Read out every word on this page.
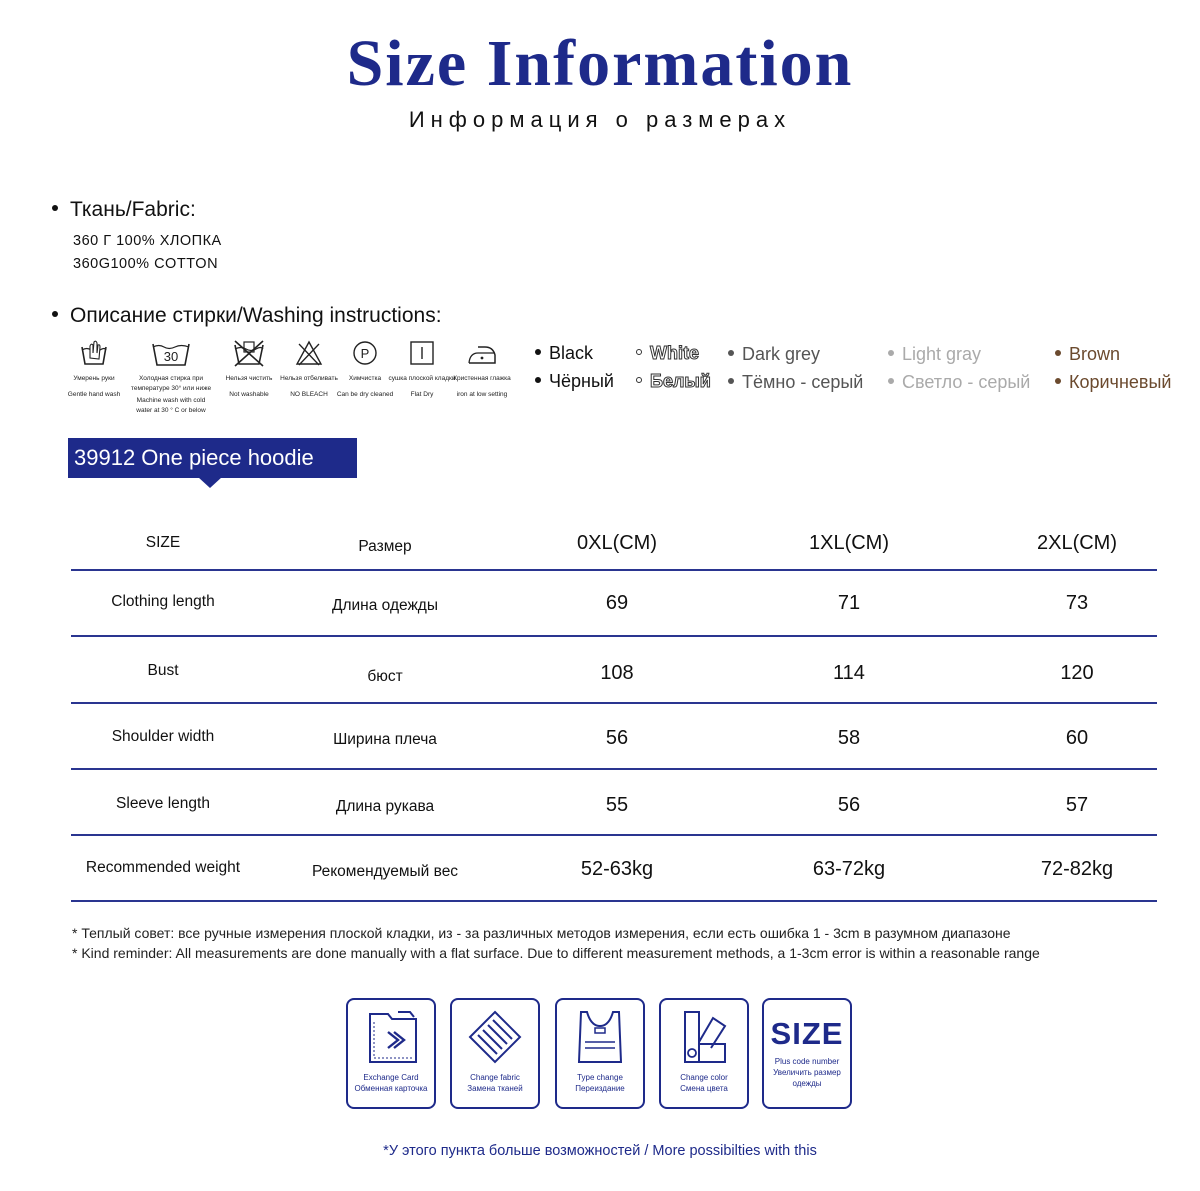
Size Information
Информация о размерах
Ткань/Fabric:
360 Г 100% ХЛОПКА
360G100% COTTON
Описание стирки/Washing instructions:
Умерень руки
Gentle hand wash
30
Холодная стирка при температуре 30° или ниже
Machine wash with cold water at 30 ° C or below
Нельзя чистить
Not washable
Нельзя отбеливать
NO BLEACH
P
Химчистка
Can be dry cleaned
сушка плоской кладки
Flat Dry
Кристенная глажка
iron at low setting
Black
Чёрный
White
Белый
Dark grey
Тёмно - серый
Light gray
Светло - серый
Brown
Коричневый
39912 One piece hoodie
SIZE	Размер	0XL(CM)	1XL(CM)	2XL(CM)
Clothing length	Длина одежды	69	71	73
Bust	бюст	108	114	120
Shoulder width	Ширина плеча	56	58	60
Sleeve length	Длина рукава	55	56	57
Recommended weight	Рекомендуемый вес	52-63kg	63-72kg	72-82kg
* Теплый совет: все ручные измерения плоской кладки, из - за различных методов измерения, если есть ошибка 1 - 3cm в разумном диапазоне
* Kind reminder: All measurements are done manually with a flat surface. Due to different measurement methods, a 1-3cm error is within a reasonable range
Exchange Card
Обменная карточка
Change fabric
Замена тканей
Type change
Переиздание
Change color
Смена цвета
SIZE
Plus code number
Увеличить размер одежды
*У этого пункта больше возможностей / More possibilties with this
